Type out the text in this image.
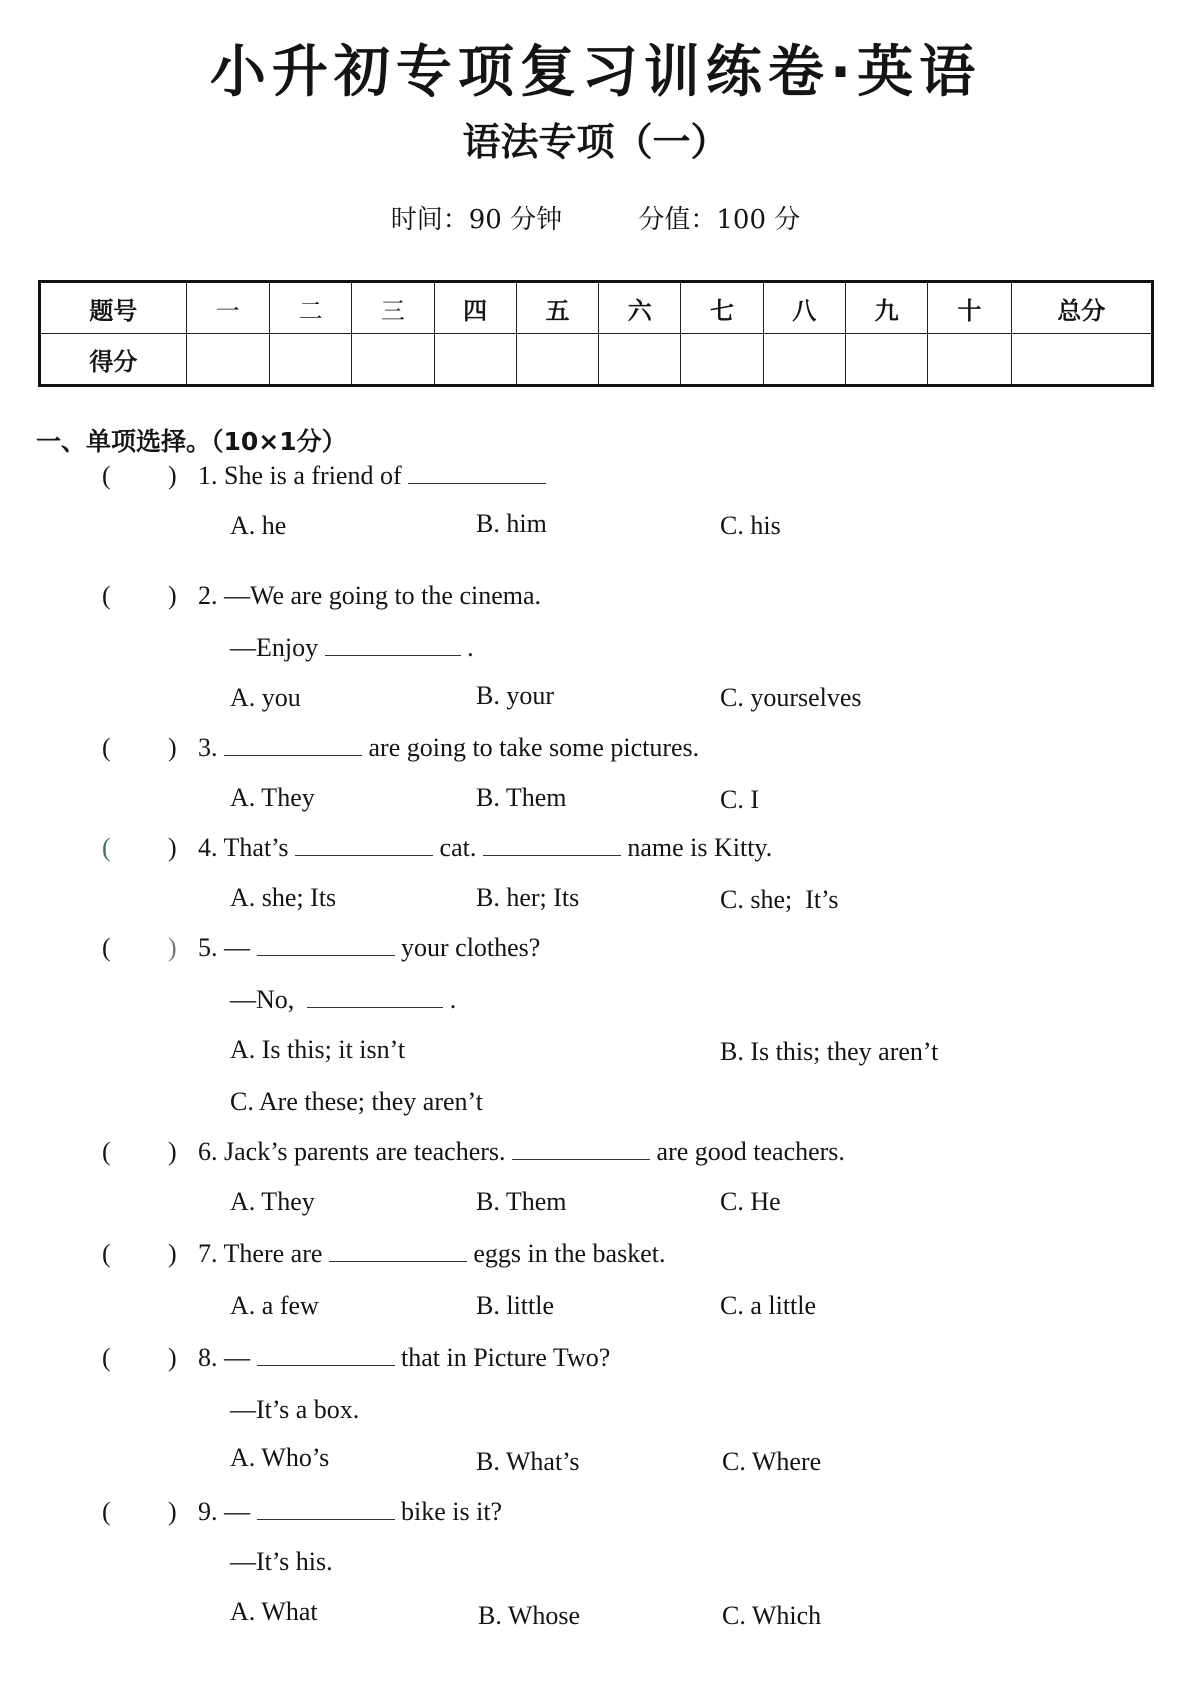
小升初专项复习训练卷·英语
语法专项（一）
时间：90 分钟	分值：100 分
题号	一	二	三	四	五	六	七	八	九	十	总分
得分											
一、单项选择。（10×1分）
( ) 1. She is a friend of
A. he	B. him	C. his
( ) 2. —We are going to the cinema.
—Enjoy	.
A. you	B. your	C. yourselves
( ) 3.	are going to take some pictures.
A. They	B. Them	C. I
( ) 4. That’s	cat.	name is Kitty.
A. she; Its	B. her; Its	C. she;  It’s
( ) 5. —	your clothes?
—No,	.
A. Is this; it isn’t	B. Is this; they aren’t
C. Are these; they aren’t
( ) 6. Jack’s parents are teachers.	are good teachers.
A. They	B. Them	C. He
( ) 7. There are	eggs in the basket.
A. a few	B. little	C. a little
( ) 8. —	that in Picture Two?
—It’s a box.
A. Who’s	B. What’s	C. Where
( ) 9. —	bike is it?
—It’s his.
A. What	B. Whose	C. Which
